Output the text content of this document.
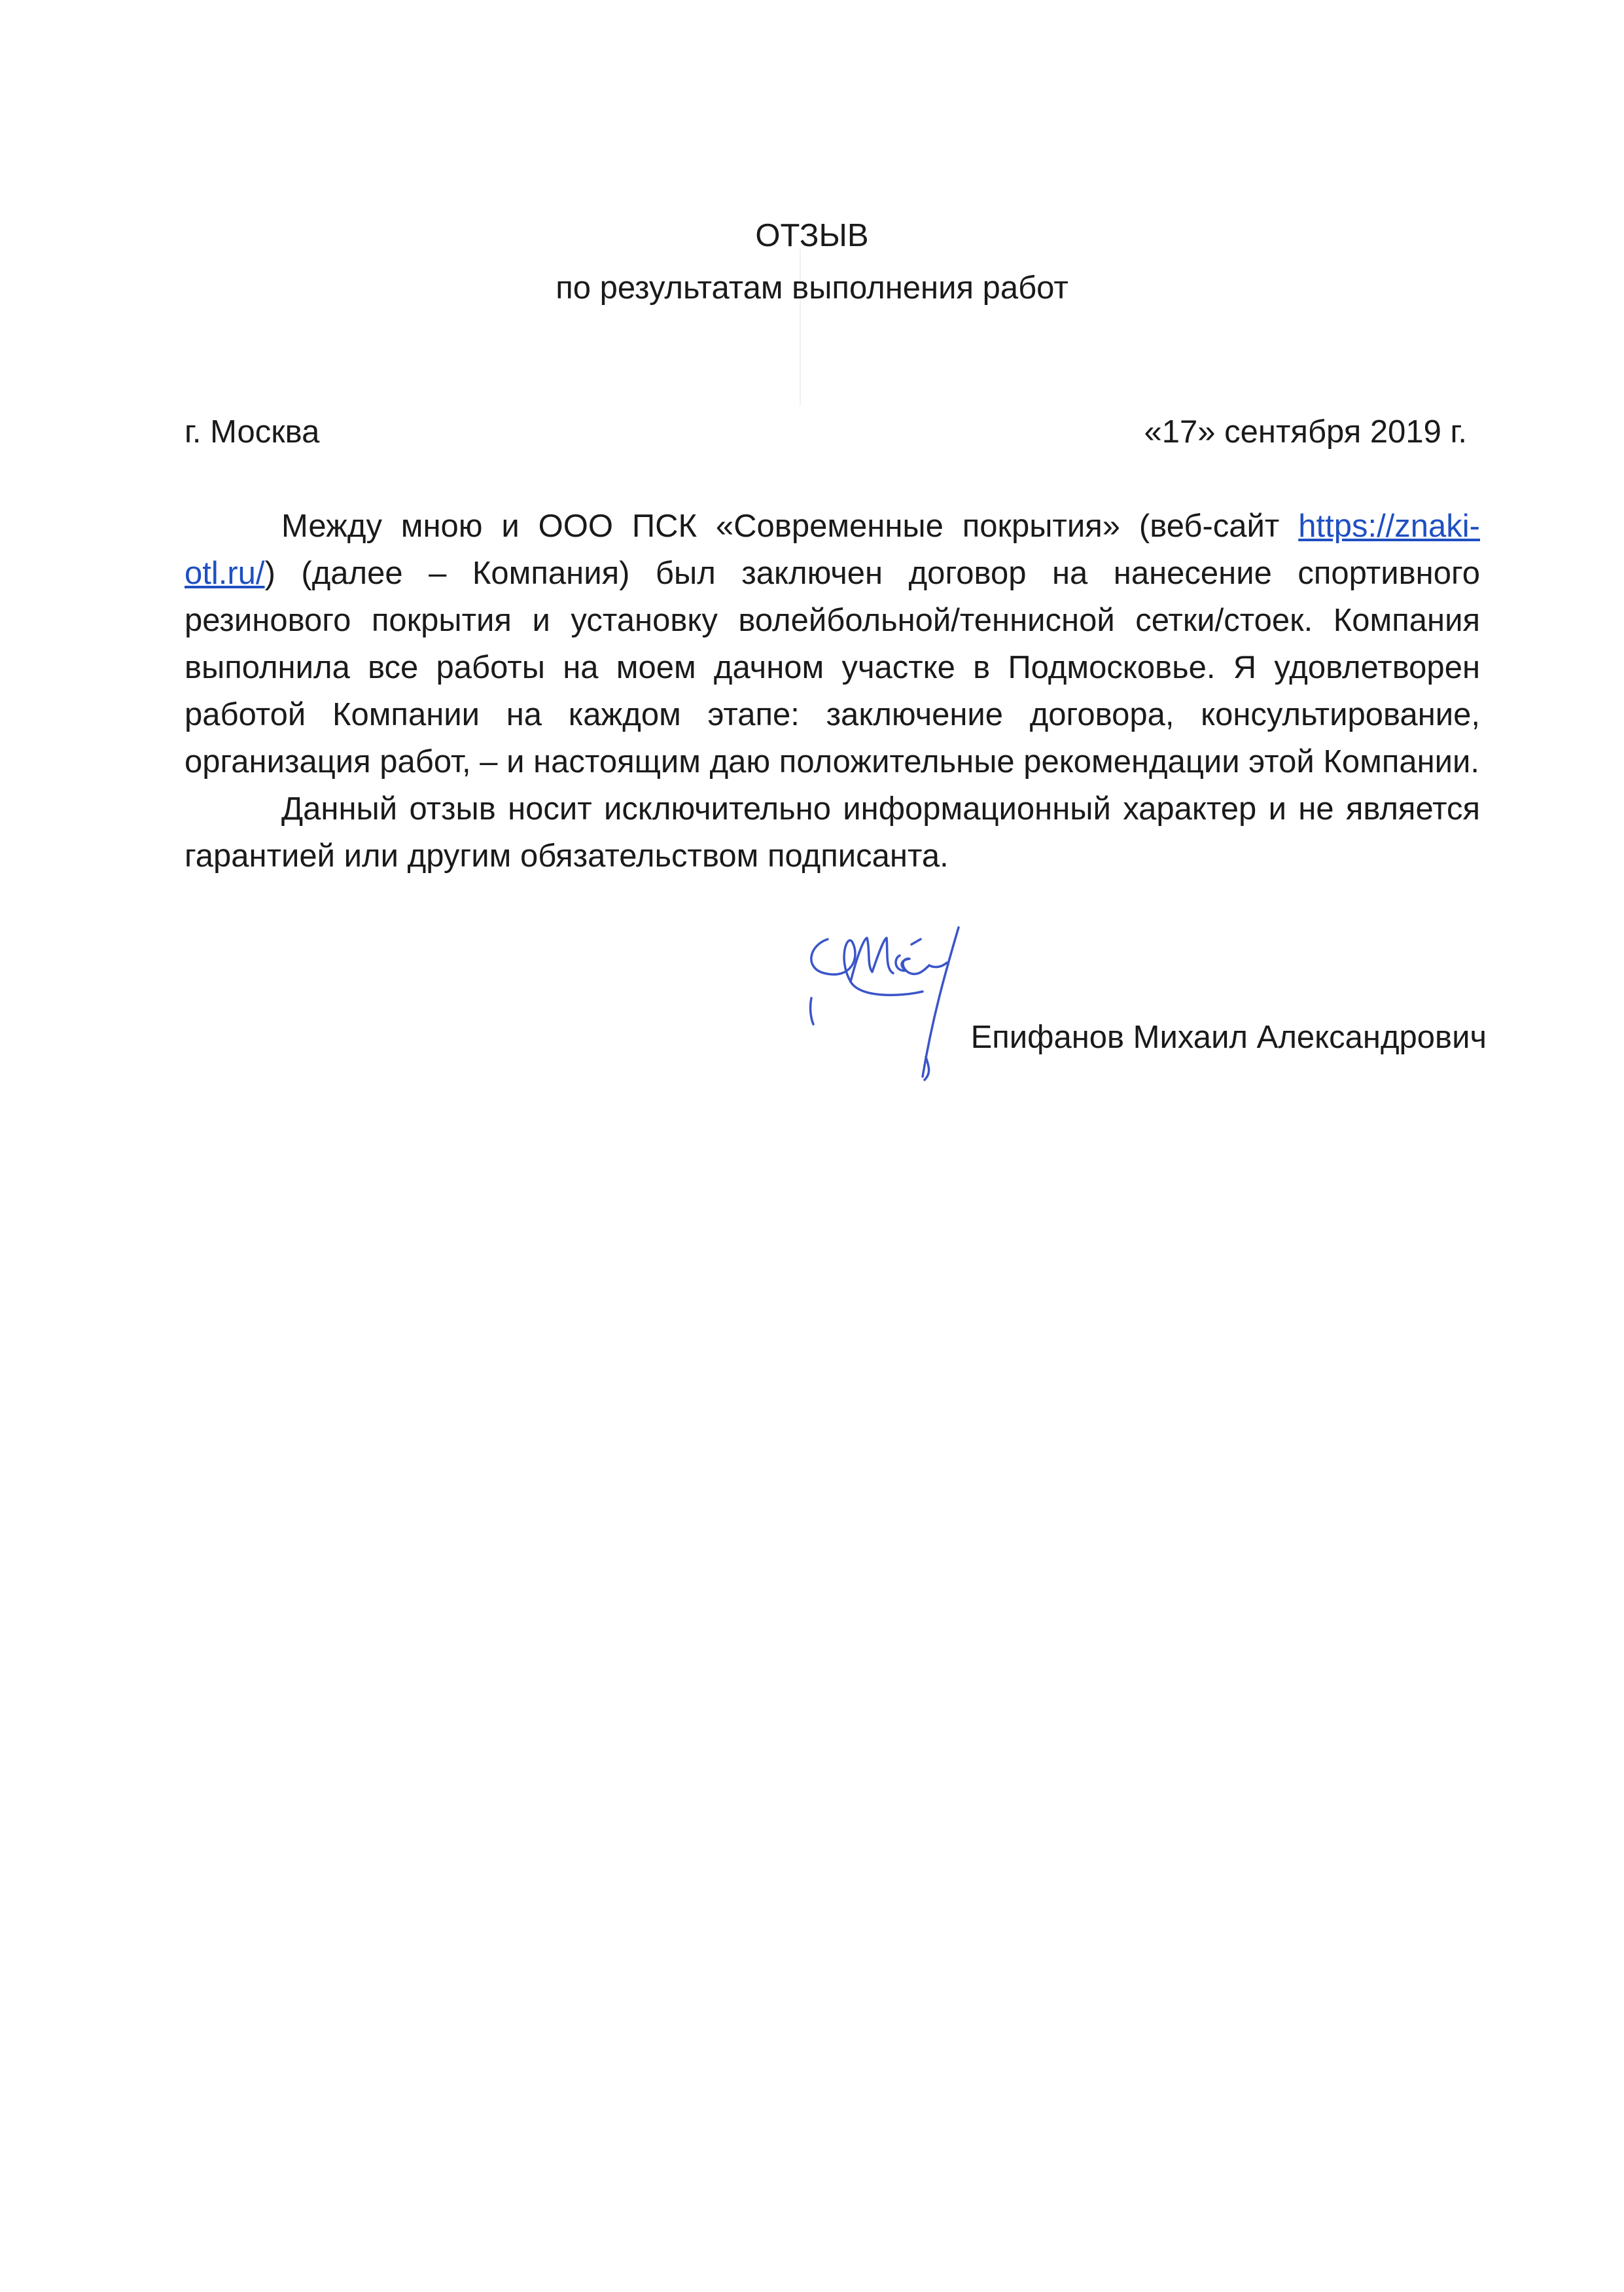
ОТЗЫВ
по результатам выполнения работ
г. Москва	«17» сентября 2019 г.

Между мною и ООО ПСК «Современные покрытия» (веб-сайт https://znaki-otl.ru/) (далее – Компания) был заключен договор на нанесение спортивного резинового покрытия и установку волейбольной/теннисной сетки/стоек. Компания выполнила все работы на моем дачном участке в Подмосковье. Я удовлетворен работой Компании на каждом этапе: заключение договора, консультирование, организация работ, – и настоящим даю положительные рекомендации этой Компании.

Данный отзыв носит исключительно информационный характер и не является гарантией или другим обязательством подписанта.

Епифанов Михаил Александрович
